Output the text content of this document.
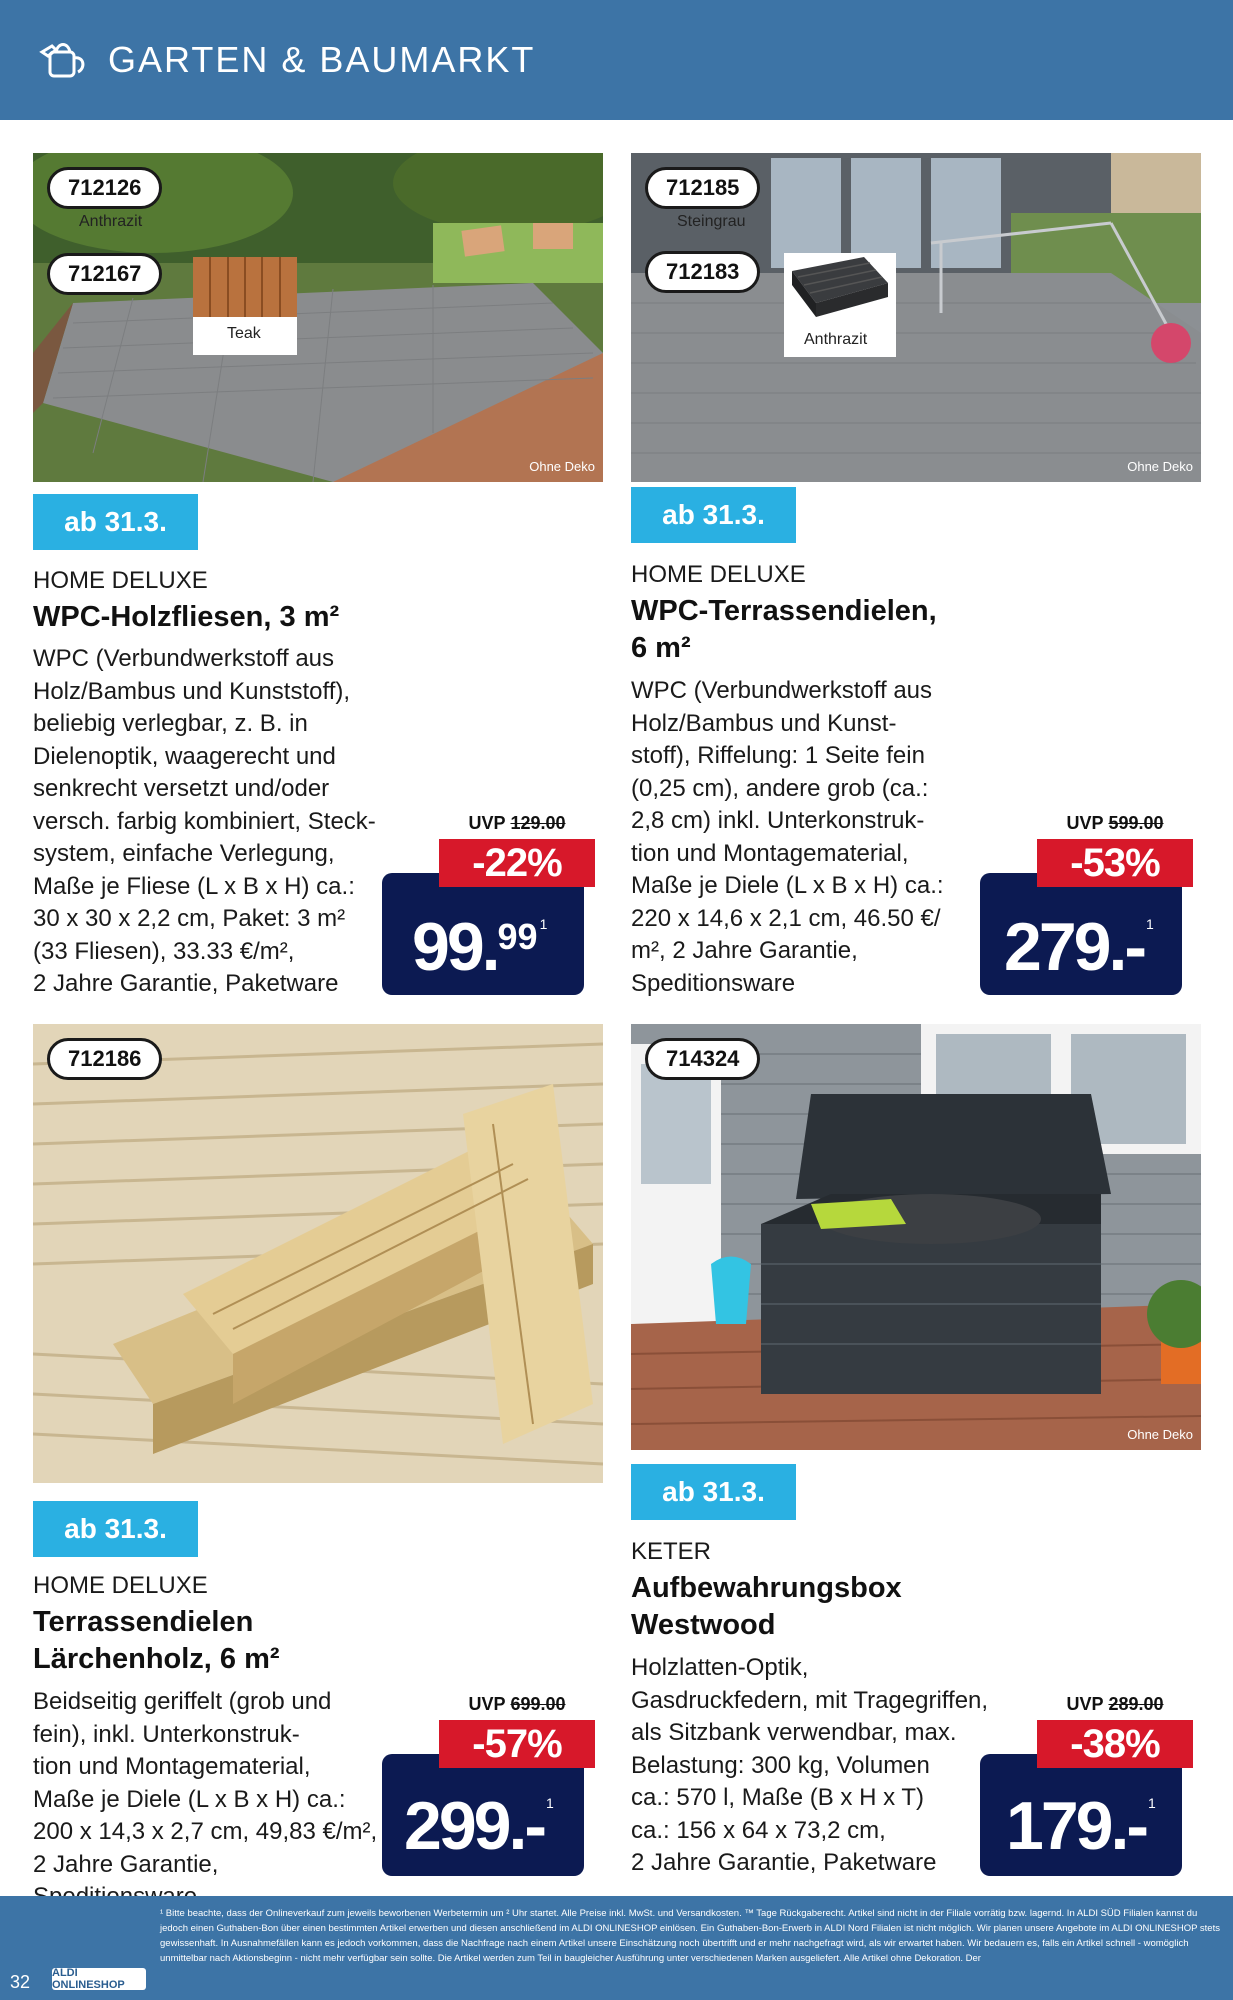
GARTEN & BAUMARKT
712126
Anthrazit
712167
Teak
Ohne Deko
ab 31.3.
HOME DELUXE
WPC-Holzfliesen, 3 m²
WPC (Verbundwerkstoff aus
Holz/Bambus und Kunststoff),
beliebig verlegbar, z. B. in
Dielenoptik, waagerecht und
senkrecht versetzt und/oder
versch. farbig kombiniert, Steck-
system, einfache Verlegung,
Maße je Fliese (L x B x H) ca.:
30 x 30 x 2,2 cm, Paket: 3 m²
(33 Fliesen), 33.33 €/m²,
2 Jahre Garantie, Paketware	99.99 $^1$
UVP 129.00
-22%
712185
Steingrau
712183
Anthrazit
Ohne Deko
ab 31.3.
HOME DELUXE
WPC-Terrassendielen, 6 m²
WPC (Verbundwerkstoff aus
Holz/Bambus und Kunst-
stoff), Riffelung: 1 Seite fein
(0,25 cm), andere grob (ca.:
2,8 cm) inkl. Unterkonstruk-
tion und Montagematerial,
Maße je Diele (L x B x H) ca.:
220 x 14,6 x 2,1 cm, 46.50 €/
m², 2 Jahre Garantie,
Speditionsware	279.- $^1$
UVP 599.00
-53%
712186
ab 31.3.
HOME DELUXE
Terrassendielen Lärchenholz, 6 m²
Beidseitig geriffelt (grob und
fein), inkl. Unterkonstruk-
tion und Montagematerial,
Maße je Diele (L x B x H) ca.:
200 x 14,3 x 2,7 cm, 49,83 €/m²,
2 Jahre Garantie,	299.- $^1$
UVP 699.00
-57%
714324
Ohne Deko
ab 31.3.
KETER
Aufbewahrungsbox Westwood
Holzlatten-Optik,
Gasdruckfedern, mit Tragegriffen,
als Sitzbank verwendbar, max.
Belastung: 300 kg, Volumen
ca.: 570 l, Maße (B x H x T)
ca.: 156 x 64 x 73,2 cm,
2 Jahre Garantie, Paketware	179.- $^1$
UVP 289.00
-38%
32 ALDI ONLINESHOP
¹ Bitte beachte, dass der Onlineverkauf zum jeweils beworbenen Werbetermin um ² Uhr startet. Alle Preise inkl. MwSt. und Versandkosten. ™ Tage Rückgaberecht. Artikel sind nicht in der Filiale vorrätig bzw. lagernd. In ALDI SÜD Filialen kannst du jedoch einen Guthaben-Bon über einen bestimmten Artikel erwerben und diesen anschließend im ALDI ONLINESHOP einlösen. Ein Guthaben-Bon-Erwerb in ALDI Nord Filialen ist nicht möglich. Wir planen unsere Angebote im ALDI ONLINESHOP stets gewissenhaft. In Ausnahmefällen kann es jedoch vorkommen, dass die Nachfrage nach einem Artikel unsere Einschätzung noch übertrifft und er mehr nachgefragt wird, als wir erwartet haben. Wir bedauern es, falls ein Artikel schnell - womöglich unmittelbar nach Aktionsbeginn - nicht mehr verfügbar sein sollte. Die Artikel werden zum Teil in baugleicher Ausführung unter verschiedenen Marken ausgeliefert. Alle Artikel ohne Dekoration. Der
